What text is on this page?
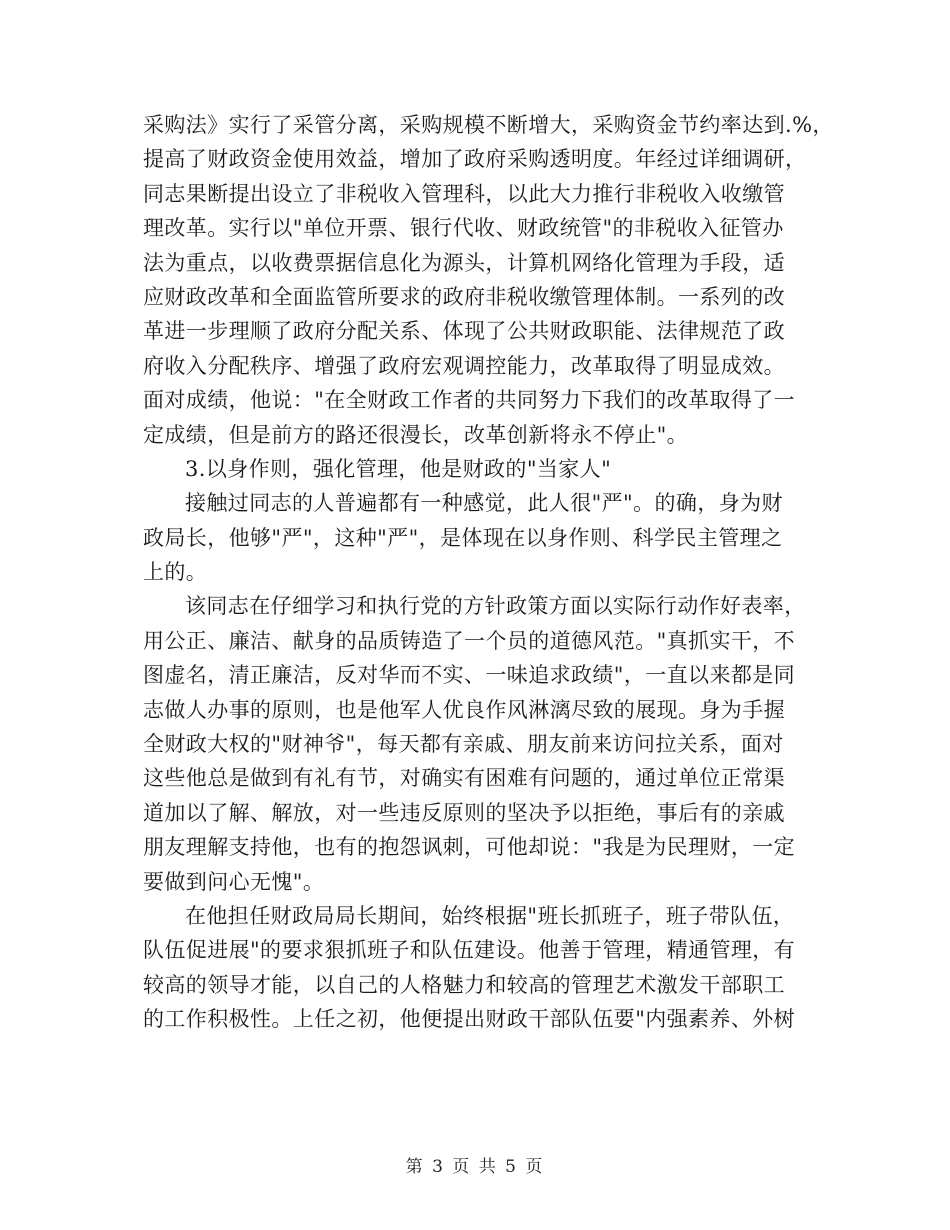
采购法》实行了采管分离，采购规模不断增大，采购资金节约率达到.%，
提高了财政资金使用效益，增加了政府采购透明度。年经过详细调研，
同志果断提出设立了非税收入管理科，以此大力推行非税收入收缴管
理改革。实行以"单位开票、银行代收、财政统管"的非税收入征管办
法为重点，以收费票据信息化为源头，计算机网络化管理为手段，适
应财政改革和全面监管所要求的政府非税收缴管理体制。一系列的改
革进一步理顺了政府分配关系、体现了公共财政职能、法律规范了政
府收入分配秩序、增强了政府宏观调控能力，改革取得了明显成效。
面对成绩，他说："在全财政工作者的共同努力下我们的改革取得了一
定成绩，但是前方的路还很漫长，改革创新将永不停止"。
3.以身作则，强化管理，他是财政的"当家人"
接触过同志的人普遍都有一种感觉，此人很"严"。的确，身为财
政局长，他够"严"，这种"严"，是体现在以身作则、科学民主管理之
上的。
该同志在仔细学习和执行党的方针政策方面以实际行动作好表率，
用公正、廉洁、献身的品质铸造了一个员的道德风范。"真抓实干，不
图虚名，清正廉洁，反对华而不实、一味追求政绩"，一直以来都是同
志做人办事的原则，也是他军人优良作风淋漓尽致的展现。身为手握
全财政大权的"财神爷"，每天都有亲戚、朋友前来访问拉关系，面对
这些他总是做到有礼有节，对确实有困难有问题的，通过单位正常渠
道加以了解、解放，对一些违反原则的坚决予以拒绝，事后有的亲戚
朋友理解支持他，也有的抱怨讽刺，可他却说："我是为民理财，一定
要做到问心无愧"。
在他担任财政局局长期间，始终根据"班长抓班子，班子带队伍，
队伍促进展"的要求狠抓班子和队伍建设。他善于管理，精通管理，有
较高的领导才能，以自己的人格魅力和较高的管理艺术激发干部职工
的工作积极性。上任之初，他便提出财政干部队伍要"内强素养、外树
第 3 页 共 5 页
